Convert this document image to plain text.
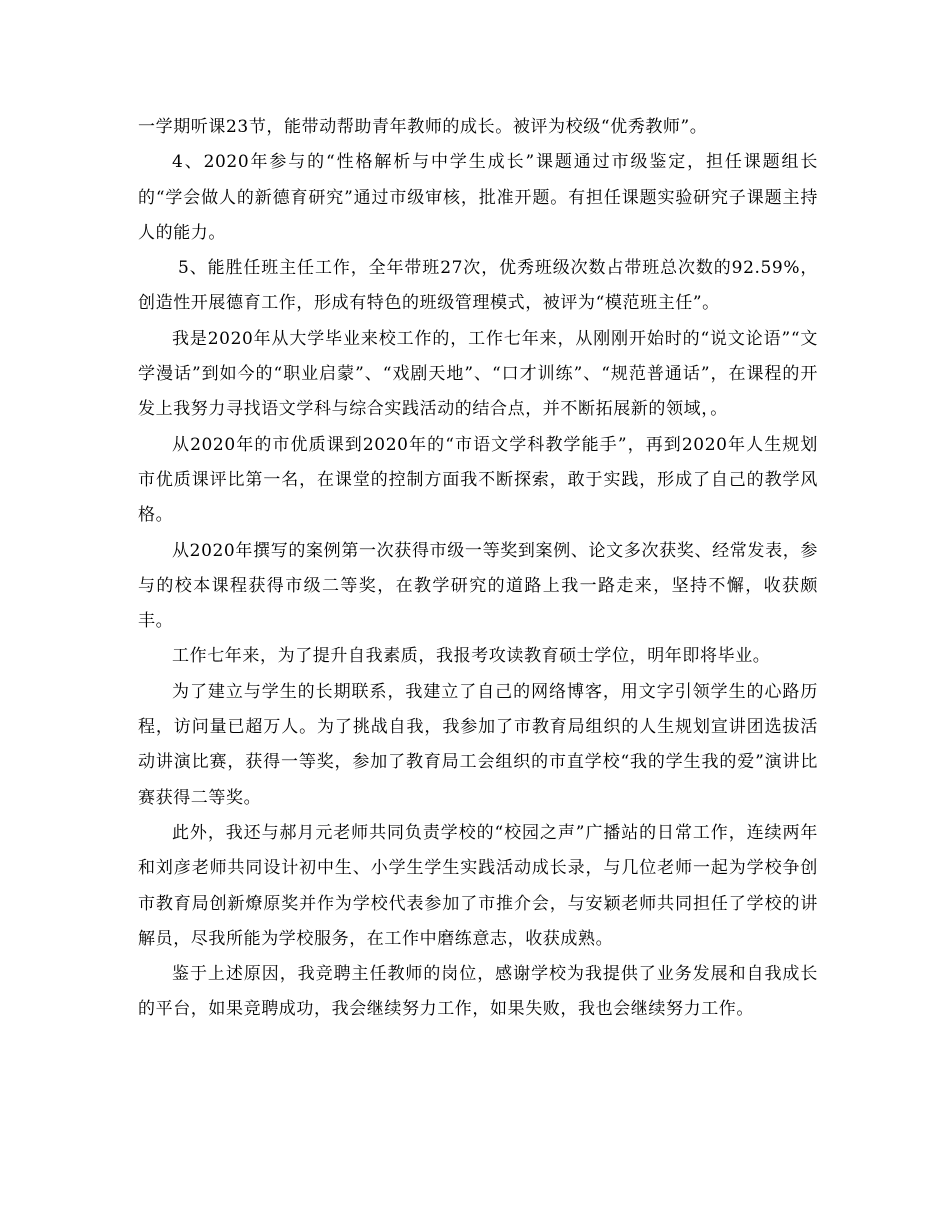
一学期听课23节，能带动帮助青年教师的成长。被评为校级“优秀教师”。

4、2020年参与的“性格解析与中学生成长”课题通过市级鉴定，担任课题组长的“学会做人的新德育研究”通过市级审核，批准开题。有担任课题实验研究子课题主持人的能力。

5、能胜任班主任工作，全年带班27次，优秀班级次数占带班总次数的92.59%，创造性开展德育工作，形成有特色的班级管理模式，被评为“模范班主任”。

我是2020年从大学毕业来校工作的，工作七年来，从刚刚开始时的“说文论语”“文学漫话”到如今的“职业启蒙”、“戏剧天地”、“口才训练”、“规范普通话”，在课程的开发上我努力寻找语文学科与综合实践活动的结合点，并不断拓展新的领域，。

从2020年的市优质课到2020年的“市语文学科教学能手”，再到2020年人生规划市优质课评比第一名，在课堂的控制方面我不断探索，敢于实践，形成了自己的教学风格。

从2020年撰写的案例第一次获得市级一等奖到案例、论文多次获奖、经常发表，参与的校本课程获得市级二等奖，在教学研究的道路上我一路走来，坚持不懈，收获颇丰。

工作七年来，为了提升自我素质，我报考攻读教育硕士学位，明年即将毕业。

为了建立与学生的长期联系，我建立了自己的网络博客，用文字引领学生的心路历程，访问量已超万人。为了挑战自我，我参加了市教育局组织的人生规划宣讲团选拔活动讲演比赛，获得一等奖，参加了教育局工会组织的市直学校“我的学生我的爱”演讲比赛获得二等奖。

此外，我还与郝月元老师共同负责学校的“校园之声”广播站的日常工作，连续两年和刘彦老师共同设计初中生、小学生学生实践活动成长录，与几位老师一起为学校争创市教育局创新燎原奖并作为学校代表参加了市推介会，与安颖老师共同担任了学校的讲解员，尽我所能为学校服务，在工作中磨练意志，收获成熟。

鉴于上述原因，我竞聘主任教师的岗位，感谢学校为我提供了业务发展和自我成长的平台，如果竞聘成功，我会继续努力工作，如果失败，我也会继续努力工作。
